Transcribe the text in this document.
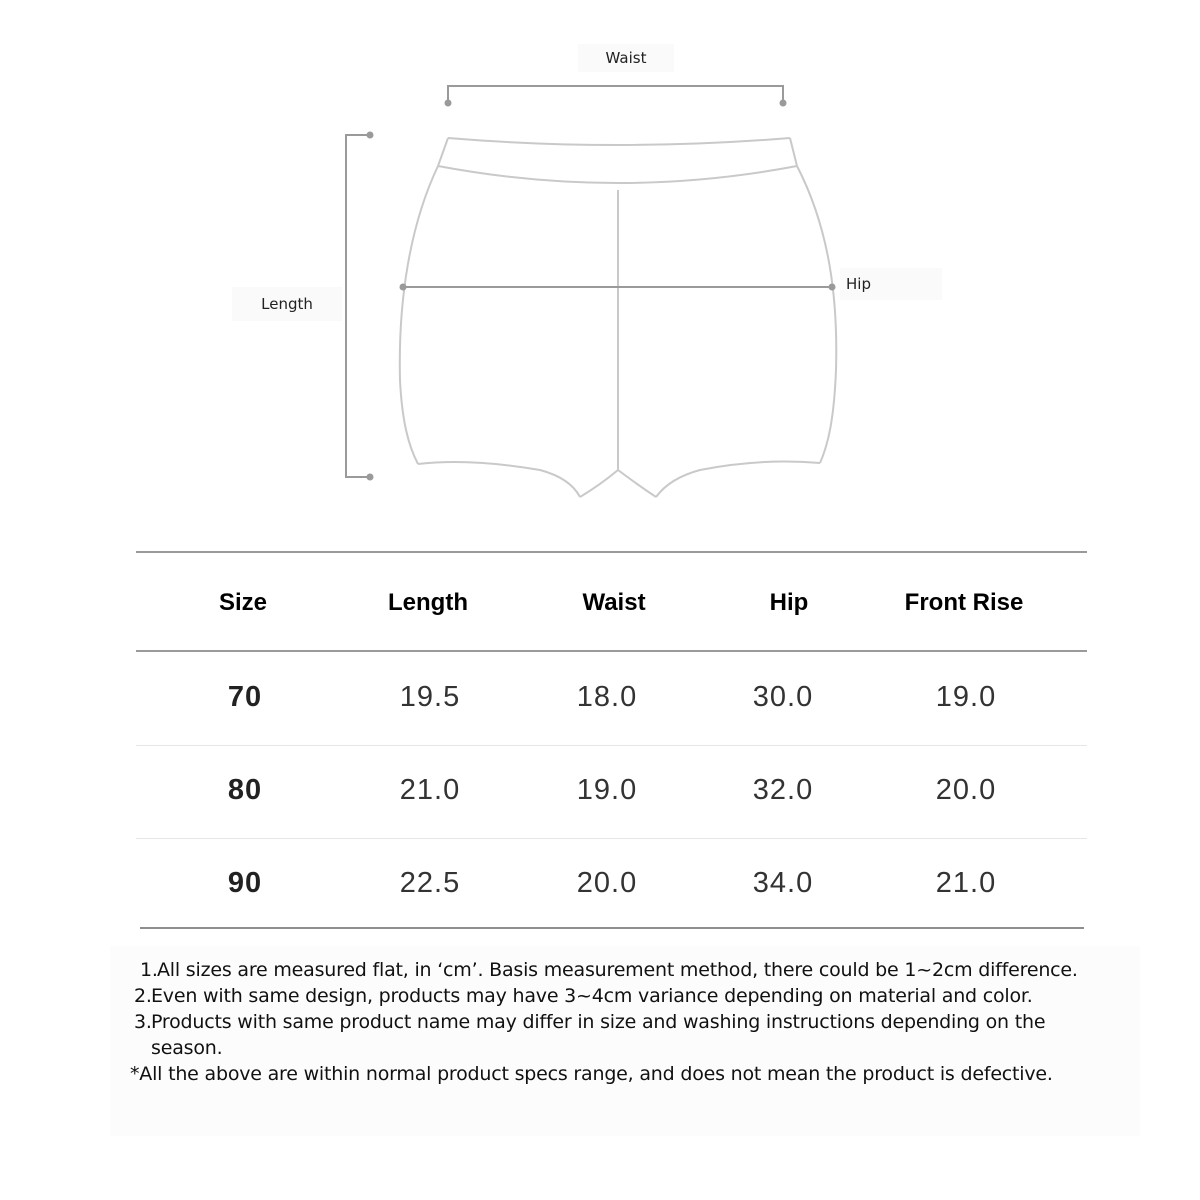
Waist
Length
Hip
Size	Length	Waist	Hip	Front Rise
70	19.5	18.0	30.0	19.0
80	21.0	19.0	32.0	20.0
90	22.5	20.0	34.0	21.0
1. All sizes are measured flat, in ‘cm’. Basis measurement method, there could be 1~2cm difference.
2. Even with same design, products may have 3~4cm variance depending on material and color.
3. Products with same product name may differ in size and washing instructions depending on the
season.
*All the above are within normal product specs range, and does not mean the product is defective.
